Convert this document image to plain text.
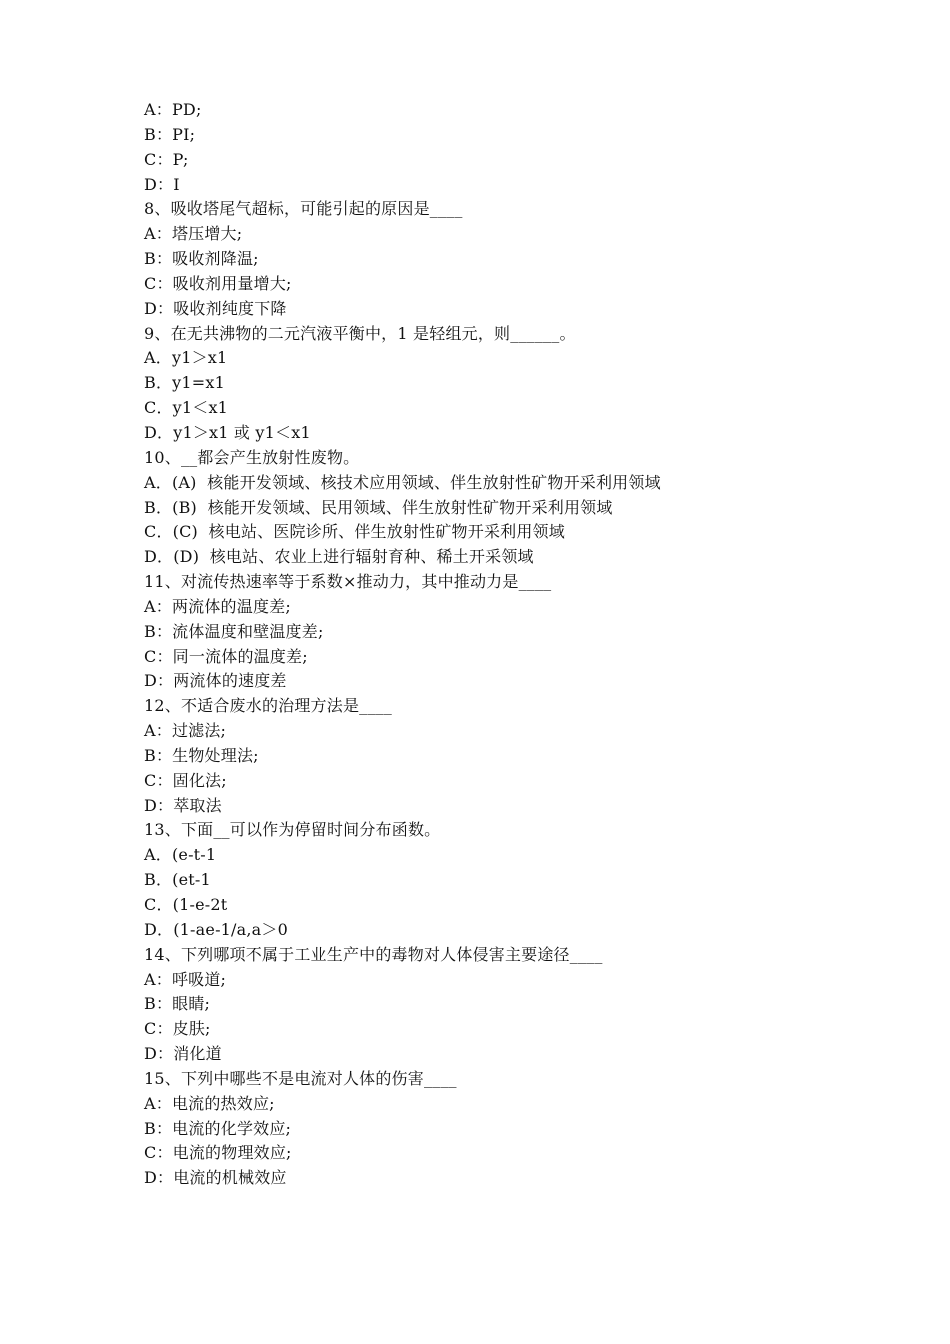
A：PD;
B：PI;
C：P;
D：I
8、吸收塔尾气超标，可能引起的原因是____
A：塔压增大;
B：吸收剂降温;
C：吸收剂用量增大;
D：吸收剂纯度下降
9、在无共沸物的二元汽液平衡中，1 是轻组元，则______。
A．y1＞x1
B．y1=x1
C．y1＜x1
D．y1＞x1 或 y1＜x1
10、__都会产生放射性废物。
A．(A)  核能开发领域、核技术应用领域、伴生放射性矿物开采利用领域
B．(B)  核能开发领域、民用领域、伴生放射性矿物开采利用领域
C．(C)  核电站、医院诊所、伴生放射性矿物开采利用领域
D．(D)  核电站、农业上进行辐射育种、稀土开采领域
11、对流传热速率等于系数×推动力，其中推动力是____
A：两流体的温度差;
B：流体温度和壁温度差;
C：同一流体的温度差;
D：两流体的速度差
12、不适合废水的治理方法是____
A：过滤法;
B：生物处理法;
C：固化法;
D：萃取法
13、下面__可以作为停留时间分布函数。
A．(e-t-1
B．(et-1
C．(1-e-2t
D．(1-ae-1/a,a＞0
14、下列哪项不属于工业生产中的毒物对人体侵害主要途径____
A：呼吸道;
B：眼睛;
C：皮肤;
D：消化道
15、下列中哪些不是电流对人体的伤害____
A：电流的热效应;
B：电流的化学效应;
C：电流的物理效应;
D：电流的机械效应
